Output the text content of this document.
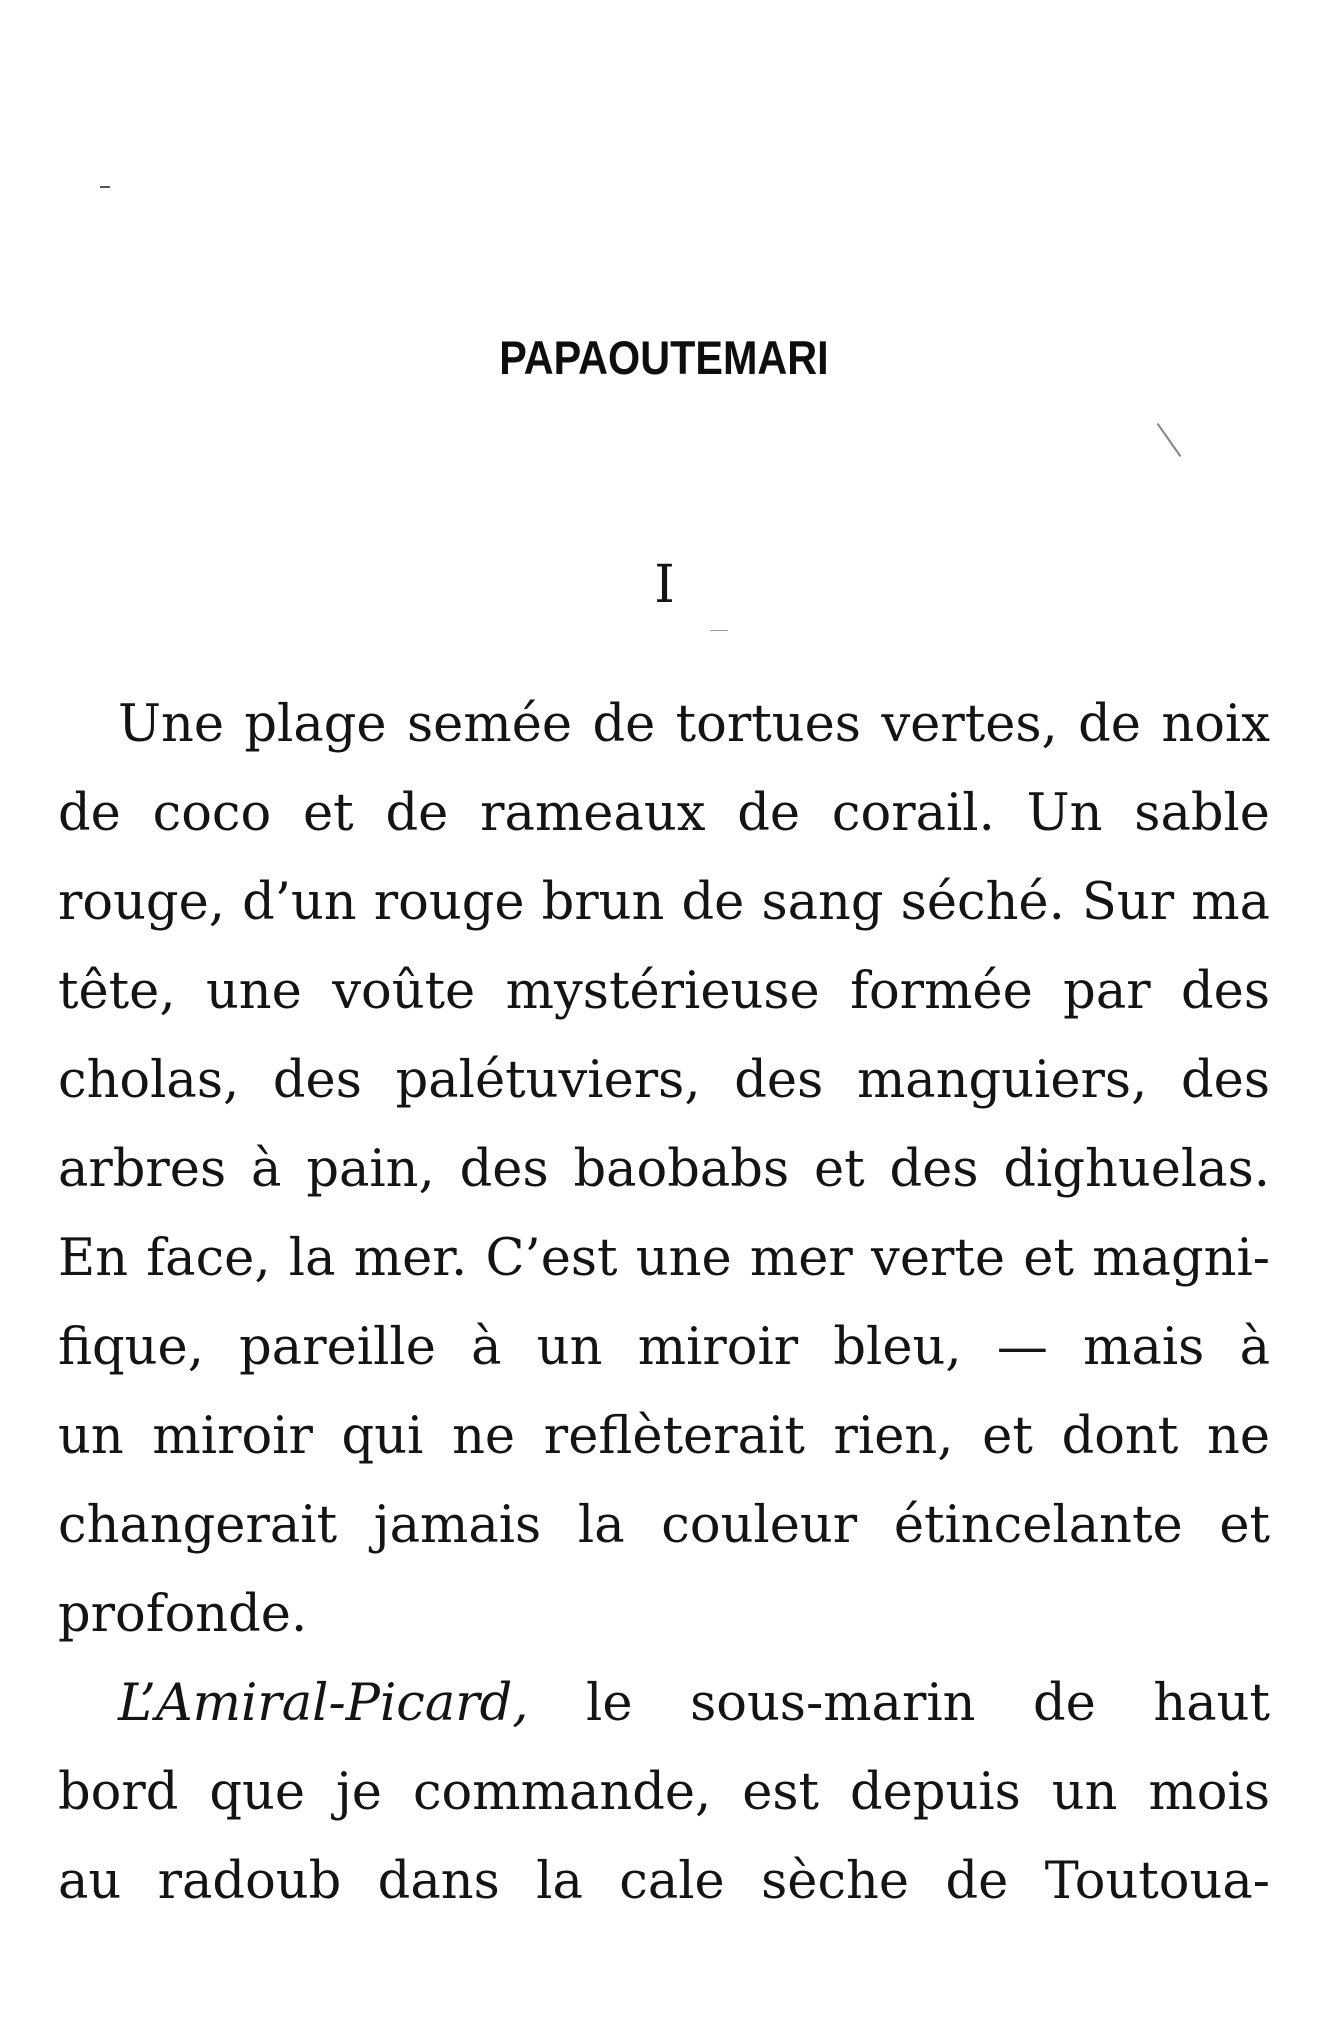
PAPAOUTEMARI
I
Une plage semée de tortues vertes, de noix
de coco et de rameaux de corail. Un sable
rouge, d’un rouge brun de sang séché. Sur ma
tête, une voûte mystérieuse formée par des
cholas, des palétuviers, des manguiers, des
arbres à pain, des baobabs et des dighuelas.
En face, la mer. C’est une mer verte et magni-
fique, pareille à un miroir bleu, — mais à
un miroir qui ne reflèterait rien, et dont ne
changerait jamais la couleur étincelante et
profonde.
L’Amiral-Picard, le sous-marin de haut
bord que je commande, est depuis un mois
au radoub dans la cale sèche de Toutoua-
